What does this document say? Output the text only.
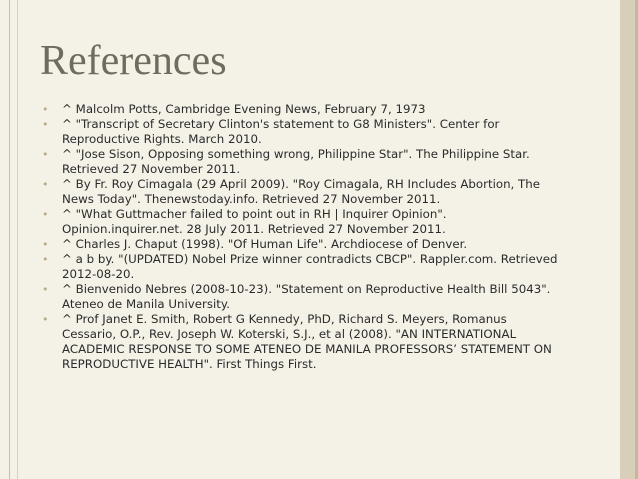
References
• ^ Malcolm Potts, Cambridge Evening News, February 7, 1973
• ^ "Transcript of Secretary Clinton's statement to G8 Ministers". Center for Reproductive Rights. March 2010.
• ^ "Jose Sison, Opposing something wrong, Philippine Star". The Philippine Star. Retrieved 27 November 2011.
• ^ By Fr. Roy Cimagala (29 April 2009). "Roy Cimagala, RH Includes Abortion, The News Today". Thenewstoday.info. Retrieved 27 November 2011.
• ^ "What Guttmacher failed to point out in RH | Inquirer Opinion". Opinion.inquirer.net. 28 July 2011. Retrieved 27 November 2011.
• ^ Charles J. Chaput (1998). "Of Human Life". Archdiocese of Denver.
• ^ a b by. "(UPDATED) Nobel Prize winner contradicts CBCP". Rappler.com. Retrieved 2012-08-20.
• ^ Bienvenido Nebres (2008-10-23). "Statement on Reproductive Health Bill 5043". Ateneo de Manila University.
• ^ Prof Janet E. Smith, Robert G Kennedy, PhD, Richard S. Meyers, Romanus Cessario, O.P., Rev. Joseph W. Koterski, S.J., et al (2008). "AN INTERNATIONAL ACADEMIC RESPONSE TO SOME ATENEO DE MANILA PROFESSORS’ STATEMENT ON REPRODUCTIVE HEALTH". First Things First.
